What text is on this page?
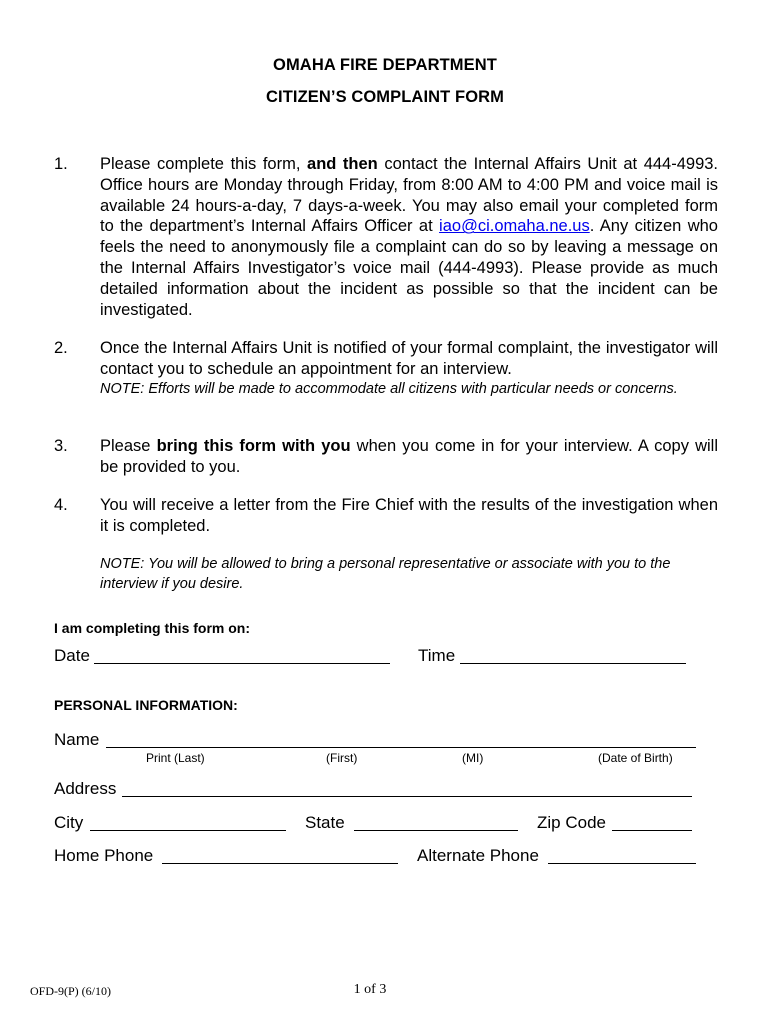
OMAHA FIRE DEPARTMENT
CITIZEN’S COMPLAINT FORM
1.	Please complete this form, and then contact the Internal Affairs Unit at 444-4993. Office hours are Monday through Friday, from 8:00 AM to 4:00 PM and voice mail is available 24 hours-a-day, 7 days-a-week. You may also email your completed form to the department’s Internal Affairs Officer at iao@ci.omaha.ne.us. Any citizen who feels the need to anonymously file a complaint can do so by leaving a message on the Internal Affairs Investigator’s voice mail (444-4993). Please provide as much detailed information about the incident as possible so that the incident can be investigated.
2.	Once the Internal Affairs Unit is notified of your formal complaint, the investigator will contact you to schedule an appointment for an interview.
NOTE: Efforts will be made to accommodate all citizens with particular needs or concerns.
3.	Please bring this form with you when you come in for your interview. A copy will be provided to you.
4.	You will receive a letter from the Fire Chief with the results of the investigation when it is completed.
NOTE: You will be allowed to bring a personal representative or associate with you to the interview if you desire.
I am completing this form on:
Date	Time
PERSONAL INFORMATION:
Name
Print (Last)	(First)	(MI)	(Date of Birth)
Address
City	State	Zip Code
Home Phone	Alternate Phone
OFD-9(P) (6/10)	1 of 3
